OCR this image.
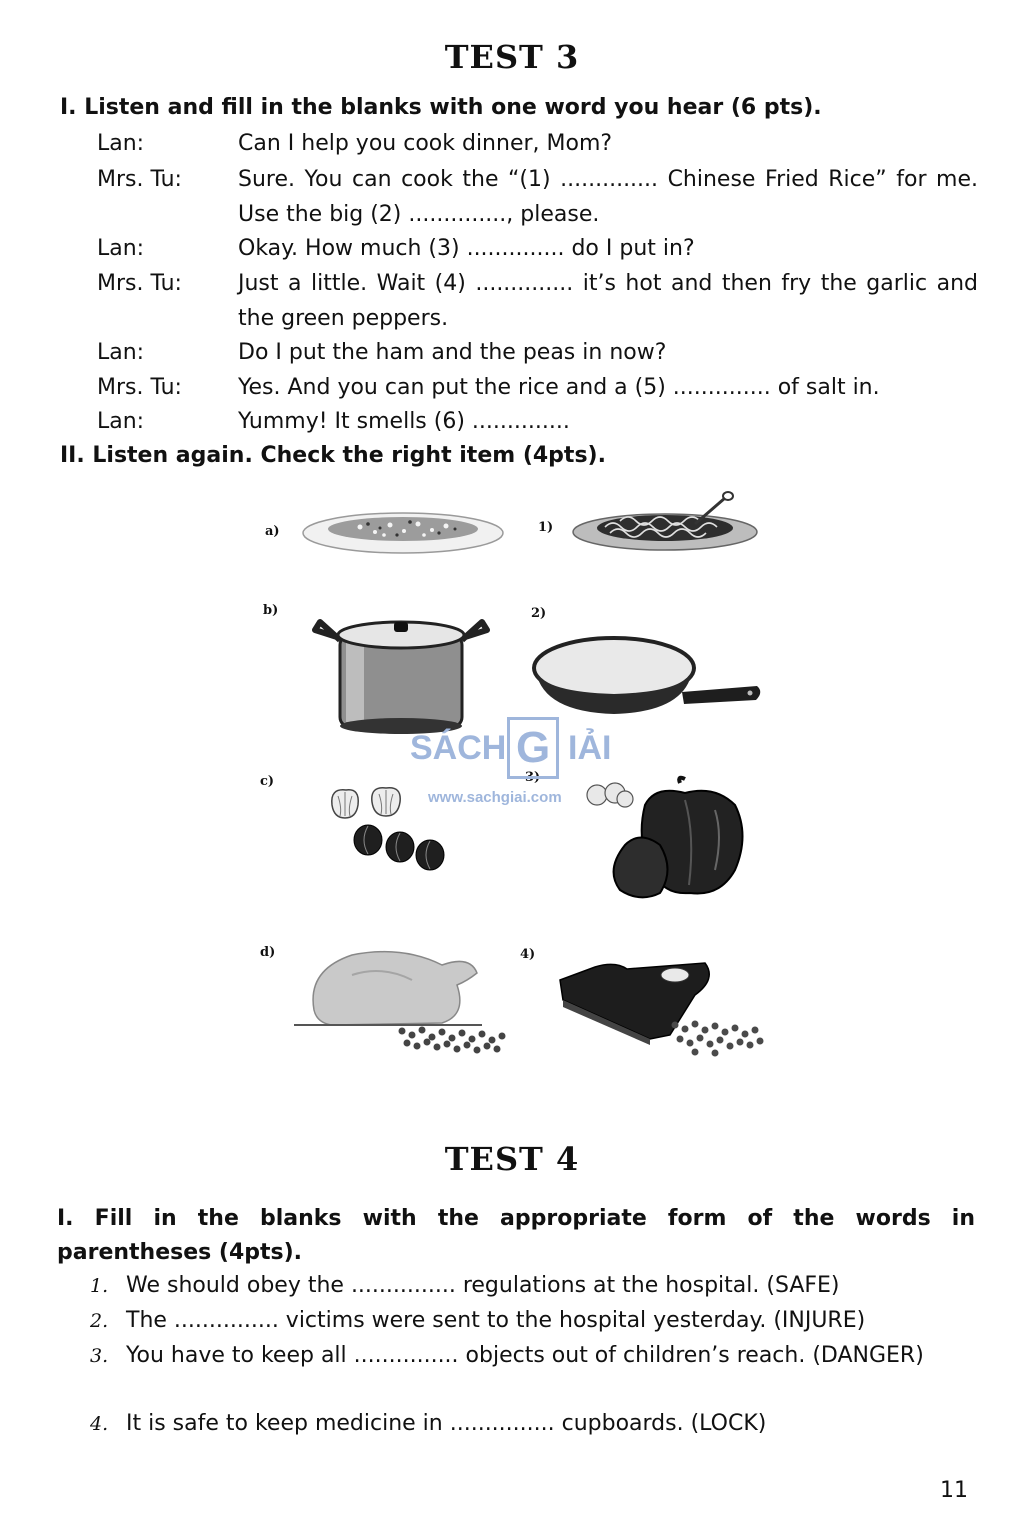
TEST 3

I. Listen and fill in the blanks with one word you hear (6 pts).

Lan:	Can I help you cook dinner, Mom?
Mrs. Tu:	Sure. You can cook the “(1) .............. Chinese Fried Rice” for me. Use the big (2) .............., please.
Lan:	Okay. How much (3) .............. do I put in?
Mrs. Tu:	Just a little. Wait (4) .............. it’s hot and then fry the garlic and the green peppers.
Lan:	Do I put the ham and the peas in now?
Mrs. Tu:	Yes. And you can put the rice and a (5) .............. of salt in.
Lan:	Yummy! It smells (6) ..............

II. Listen again. Check the right item (4pts).

a)	1)
b)	2)
c)	3)
d)	4)
SÁCH G IẢI
www.sachgiai.com
TEST 4

I. Fill in the blanks with the appropriate form of the words in parentheses (4pts).

1. We should obey the ............... regulations at the hospital. (SAFE)
2. The ............... victims were sent to the hospital yesterday. (INJURE)
3. You have to keep all ............... objects out of children’s reach. (DANGER)
4. It is safe to keep medicine in ............... cupboards. (LOCK)
11
